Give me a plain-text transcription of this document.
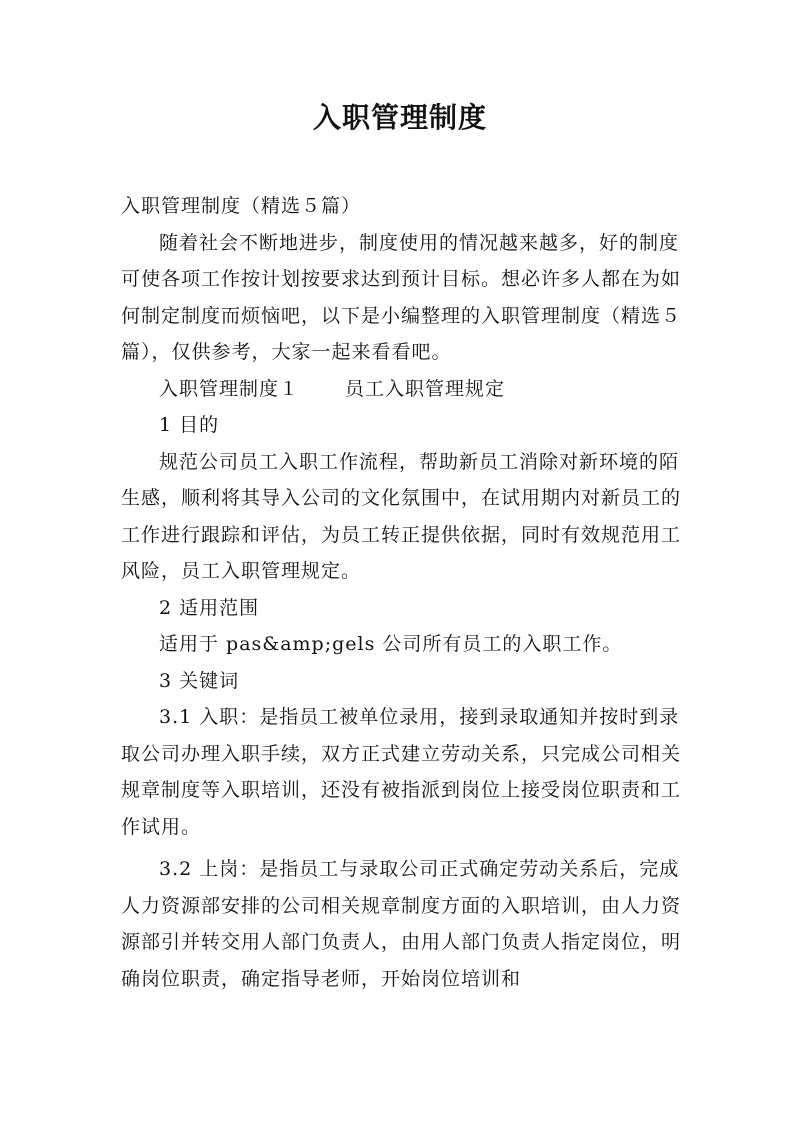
入职管理制度

入职管理制度（精选５篇）

随着社会不断地进步，制度使用的情况越来越多，好的制度可使各项工作按计划按要求达到预计目标。想必许多人都在为如何制定制度而烦恼吧，以下是小编整理的入职管理制度（精选５篇），仅供参考，大家一起来看看吧。

入职管理制度１ 员工入职管理规定

1 目的

规范公司员工入职工作流程，帮助新员工消除对新环境的陌生感，顺利将其导入公司的文化氛围中，在试用期内对新员工的工作进行跟踪和评估，为员工转正提供依据，同时有效规范用工风险，员工入职管理规定。

2 适用范围

适用于 pas&amp;gels 公司所有员工的入职工作。

3 关键词

3.1 入职：是指员工被单位录用，接到录取通知并按时到录取公司办理入职手续，双方正式建立劳动关系，只完成公司相关规章制度等入职培训，还没有被指派到岗位上接受岗位职责和工作试用。

3.2 上岗：是指员工与录取公司正式确定劳动关系后，完成人力资源部安排的公司相关规章制度方面的入职培训，由人力资源部引并转交用人部门负责人，由用人部门负责人指定岗位，明确岗位职责，确定指导老师，开始岗位培训和
